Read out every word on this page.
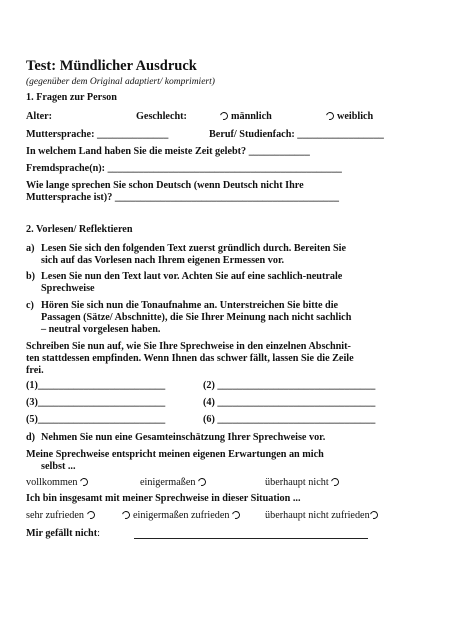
Test: Mündlicher Ausdruck
(gegenüber dem Original adaptiert/ komprimiert)
1. Fragen zur Person
Alter:	Geschlecht:	männlich	weiblich
Muttersprache: ______________	Beruf/ Studienfach: _________________
In welchem Land haben Sie die meiste Zeit gelebt? ____________
Fremdsprache(n): ______________________________________________
Wie lange sprechen Sie schon Deutsch (wenn Deutsch nicht Ihre
Muttersprache ist)? ____________________________________________
2. Vorlesen/ Reflektieren
a) Lesen Sie sich den folgenden Text zuerst gründlich durch. Bereiten Sie
sich auf das Vorlesen nach Ihrem eigenen Ermessen vor.
b) Lesen Sie nun den Text laut vor. Achten Sie auf eine sachlich-neutrale
Sprechweise
c) Hören Sie sich nun die Tonaufnahme an. Unterstreichen Sie bitte die
Passagen (Sätze/ Abschnitte), die Sie Ihrer Meinung nach nicht sachlich
– neutral vorgelesen haben.
Schreiben Sie nun auf, wie Sie Ihre Sprechweise in den einzelnen Abschnit-
ten stattdessen empfinden. Wenn Ihnen das schwer fällt, lassen Sie die Zeile
frei.
(1)_________________________	(2) _______________________________
(3)_________________________	(4) _______________________________
(5)_________________________	(6) _______________________________
d) Nehmen Sie nun eine Gesamteinschätzung Ihrer Sprechweise vor.
Meine Sprechweise entspricht meinen eigenen Erwartungen an mich
selbst ...
vollkommen	einigermaßen	überhaupt nicht
Ich bin insgesamt mit meiner Sprechweise in dieser Situation ...
sehr zufrieden	einigermaßen zufrieden	überhaupt nicht zufrieden
Mir gefällt nicht:
